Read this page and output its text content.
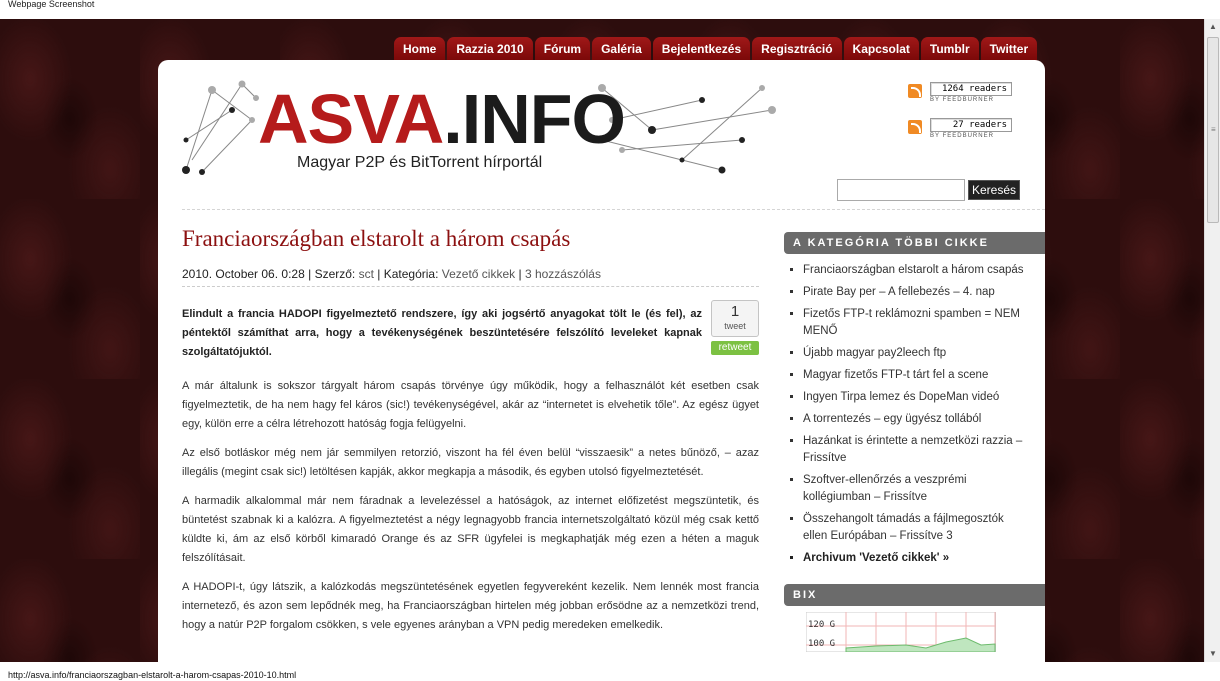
Webpage Screenshot
Home	Razzia 2010	Fórum	Galéria	Bejelentkezés	Regisztráció	Kapcsolat	Tumblr	Twitter
ASVA.INFO
Magyar P2P és BitTorrent hírportál
1264 readers
BY FEEDBURNER
27 readers
BY FEEDBURNER
Keresés
Franciaországban elstarolt a három csapás
2010. October 06. 0:28 | Szerző: sct | Kategória: Vezető cikkek | 3 hozzászólás

Elindult a francia HADOPI figyelmeztető rendszere, így aki jogsértő anyagokat tölt le (és fel), az péntektől számíthat arra, hogy a tevékenységének beszüntetésére felszólító leveleket kapnak szolgáltatójuktól.

1
tweet
retweet

A már általunk is sokszor tárgyalt három csapás törvénye úgy működik, hogy a felhasználót két esetben csak figyelmeztetik, de ha nem hagy fel káros (sic!) tevékenységével, akár az “internetet is elvehetik tőle”. Az egész ügyet egy, külön erre a célra létrehozott hatóság fogja felügyelni.

Az első botláskor még nem jár semmilyen retorzió, viszont ha fél éven belül “visszaesik” a netes bűnöző, – azaz illegális (megint csak sic!) letöltésen kapják, akkor megkapja a második, és egyben utolsó figyelmeztetését.

A harmadik alkalommal már nem fáradnak a levelezéssel a hatóságok, az internet előfizetést megszüntetik, és büntetést szabnak ki a kalózra. A figyelmeztetést a négy legnagyobb francia internetszolgáltató közül még csak kettő küldte ki, ám az első körből kimaradó Orange és az SFR ügyfelei is megkaphatják még ezen a héten a maguk felszólításait.

A HADOPI-t, úgy látszik, a kalózkodás megszüntetésének egyetlen fegyvereként kezelik. Nem lennék most francia internetező, és azon sem lepődnék meg, ha Franciaországban hirtelen még jobban erősödne az a nemzetközi trend, hogy a natúr P2P forgalom csökken, s vele egyenes arányban a VPN pedig meredeken emelkedik.

A KATEGÓRIA TÖBBI CIKKE
▪ Franciaországban elstarolt a három csapás
▪ Pirate Bay per – A fellebezés – 4. nap
▪ Fizetős FTP-t reklámozni spamben = NEM MENŐ
▪ Újabb magyar pay2leech ftp
▪ Magyar fizetős FTP-t tárt fel a scene
▪ Ingyen Tirpa lemez és DopeMan videó
▪ A torrentezés – egy ügyész tollából
▪ Hazánkat is érintette a nemzetközi razzia – Frissítve
▪ Szoftver-ellenőrzés a veszprémi kollégiumban – Frissítve
▪ Összehangolt támadás a fájlmegosztók ellen Európában – Frissítve 3
▪ Archivum 'Vezető cikkek' »
BIX
120 G
100 G
▲
≡
▼
http://asva.info/franciaorszagban-elstarolt-a-harom-csapas-2010-10.html
